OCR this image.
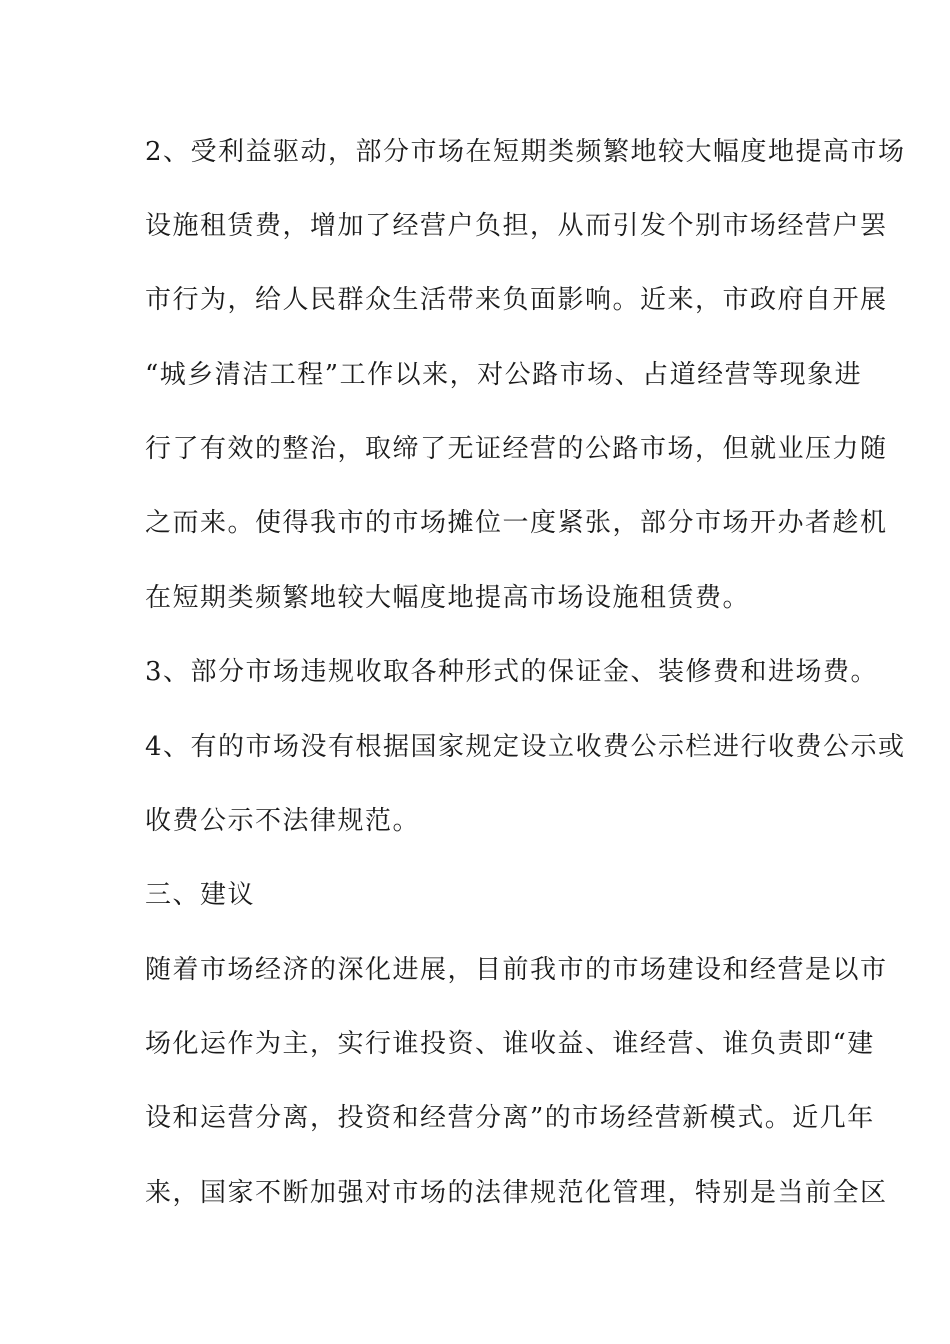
2、受利益驱动，部分市场在短期类频繁地较大幅度地提高市场
设施租赁费，增加了经营户负担，从而引发个别市场经营户罢
市行为，给人民群众生活带来负面影响。近来，市政府自开展
“城乡清洁工程”工作以来，对公路市场、占道经营等现象进
行了有效的整治，取缔了无证经营的公路市场，但就业压力随
之而来。使得我市的市场摊位一度紧张，部分市场开办者趁机
在短期类频繁地较大幅度地提高市场设施租赁费。
3、部分市场违规收取各种形式的保证金、装修费和进场费。
4、有的市场没有根据国家规定设立收费公示栏进行收费公示或
收费公示不法律规范。
三、建议
随着市场经济的深化进展，目前我市的市场建设和经营是以市
场化运作为主，实行谁投资、谁收益、谁经营、谁负责即“建
设和运营分离，投资和经营分离”的市场经营新模式。近几年
来，国家不断加强对市场的法律规范化管理，特别是当前全区
